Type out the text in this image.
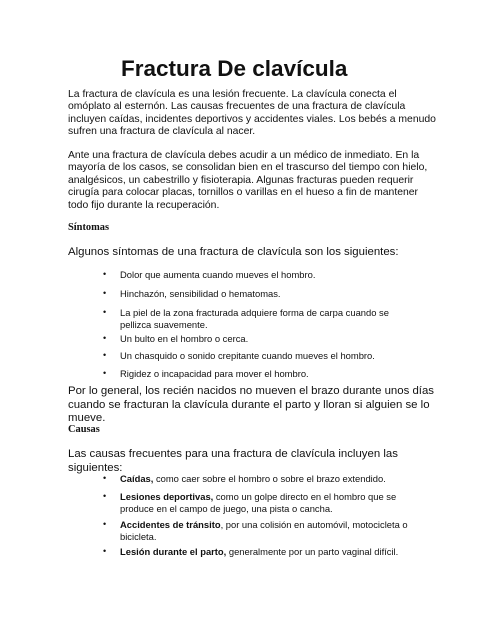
Fractura De clavícula

La fractura de clavícula es una lesión frecuente. La clavícula conecta el omóplato al esternón. Las causas frecuentes de una fractura de clavícula incluyen caídas, incidentes deportivos y accidentes viales. Los bebés a menudo sufren una fractura de clavícula al nacer.

Ante una fractura de clavícula debes acudir a un médico de inmediato. En la mayoría de los casos, se consolidan bien en el trascurso del tiempo con hielo, analgésicos, un cabestrillo y fisioterapia. Algunas fracturas pueden requerir cirugía para colocar placas, tornillos o varillas en el hueso a fin de mantener todo fijo durante la recuperación.

Síntomas

Algunos síntomas de una fractura de clavícula son los siguientes:

• Dolor que aumenta cuando mueves el hombro.
• Hinchazón, sensibilidad o hematomas.
• La piel de la zona fracturada adquiere forma de carpa cuando se pellizca suavemente.
• Un bulto en el hombro o cerca.
• Un chasquido o sonido crepitante cuando mueves el hombro.
• Rigidez o incapacidad para mover el hombro.

Por lo general, los recién nacidos no mueven el brazo durante unos días cuando se fracturan la clavícula durante el parto y lloran si alguien se lo mueve.

Causas

Las causas frecuentes para una fractura de clavícula incluyen las siguientes:

• Caídas, como caer sobre el hombro o sobre el brazo extendido.
• Lesiones deportivas, como un golpe directo en el hombro que se produce en el campo de juego, una pista o cancha.
• Accidentes de tránsito, por una colisión en automóvil, motocicleta o bicicleta.
• Lesión durante el parto, generalmente por un parto vaginal difícil.
